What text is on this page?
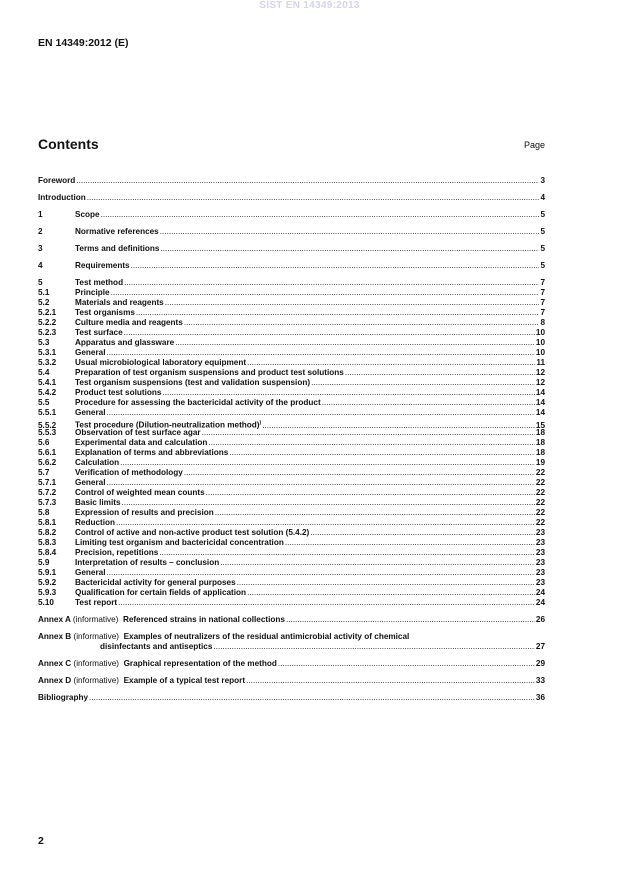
SIST EN 14349:2013
EN 14349:2012 (E)
Contents	Page
Foreword .....	3
Introduction .....	4
1	Scope .....	5
2	Normative references .....	5
3	Terms and definitions .....	5
4	Requirements .....	5
5	Test method .....	7
5.1	Principle .....	7
5.2	Materials and reagents .....	7
5.2.1	Test organisms .....	7
5.2.2	Culture media and reagents .....	8
5.2.3	Test surface .....	10
5.3	Apparatus and glassware .....	10
5.3.1	General .....	10
5.3.2	Usual microbiological laboratory equipment .....	11
5.4	Preparation of test organism suspensions and product test solutions .....	12
5.4.1	Test organism suspensions (test and validation suspension) .....	12
5.4.2	Product test solutions .....	14
5.5	Procedure for assessing the bactericidal activity of the product .....	14
5.5.1	General .....	14
5.5.2	Test procedure (Dilution-neutralization method)) .....	15
5.5.3	Observation of test surface agar .....	18
5.6	Experimental data and calculation .....	18
5.6.1	Explanation of terms and abbreviations .....	18
5.6.2	Calculation .....	19
5.7	Verification of methodology .....	22
5.7.1	General .....	22
5.7.2	Control of weighted mean counts .....	22
5.7.3	Basic limits .....	22
5.8	Expression of results and precision .....	22
5.8.1	Reduction .....	22
5.8.2	Control of active and non-active product test solution (5.4.2) .....	23
5.8.3	Limiting test organism and bactericidal concentration .....	23
5.8.4	Precision, repetitions .....	23
5.9	Interpretation of results – conclusion .....	23
5.9.1	General .....	23
5.9.2	Bactericidal activity for general purposes .....	23
5.9.3	Qualification for certain fields of application .....	24
5.10	Test report .....	24
Annex A (informative) Referenced strains in national collections .....	26
Annex B (informative) Examples of neutralizers of the residual antimicrobial activity of chemical
disinfectants and antiseptics .....	27
Annex C (informative) Graphical representation of the method .....	29
Annex D (informative) Example of a typical test report .....	33
Bibliography .....	36
2
